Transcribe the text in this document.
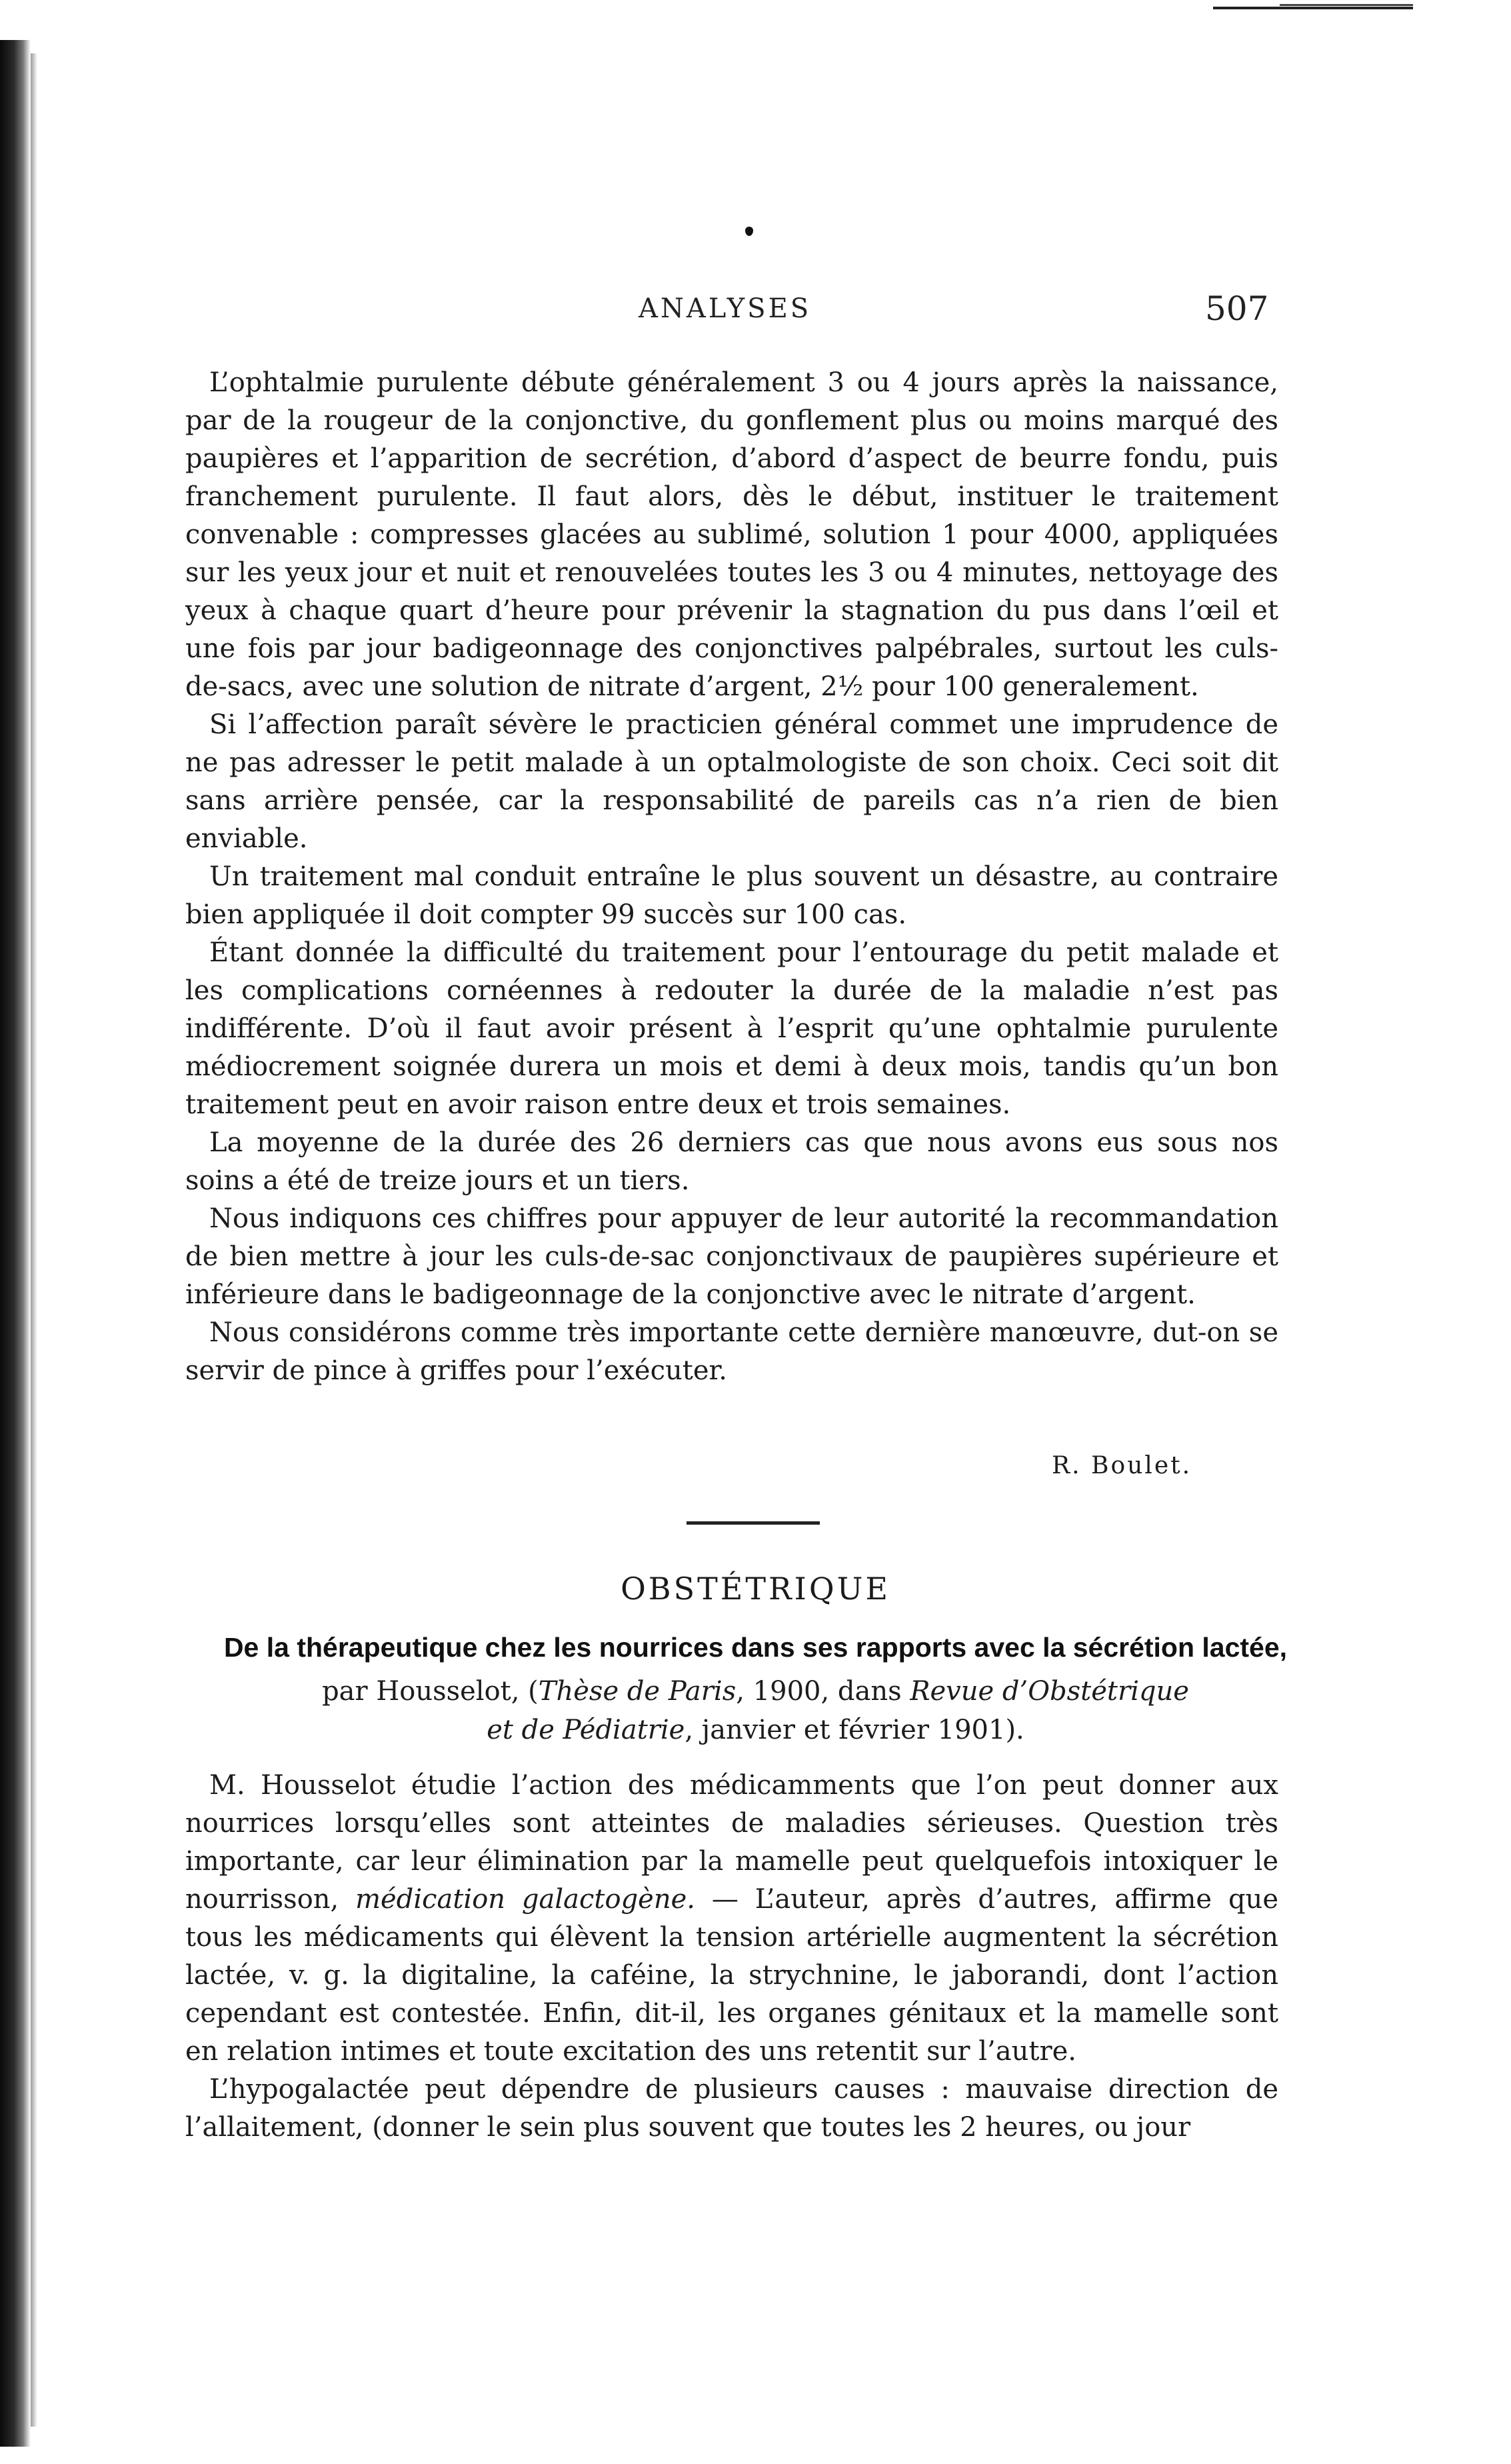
ANALYSES	507

L’ophtalmie purulente débute généralement 3 ou 4 jours après la naissance, par de la rougeur de la conjonctive, du gonflement plus ou moins marqué des paupières et l’apparition de secrétion, d’abord d’aspect de beurre fondu, puis franchement purulente. Il faut alors, dès le début, instituer le traitement convenable : compresses glacées au sublimé, solution 1 pour 4000, appliquées sur les yeux jour et nuit et renouvelées toutes les 3 ou 4 minutes, nettoyage des yeux à chaque quart d’heure pour prévenir la stagnation du pus dans l’œil et une fois par jour badigeonnage des conjonctives palpébrales, surtout les culs- de-sacs, avec une solution de nitrate d’argent, 2½ pour 100 generalement.

Si l’affection paraît sévère le practicien général commet une imprudence de ne pas adresser le petit malade à un optalmologiste de son choix. Ceci soit dit sans arrière pensée, car la responsabilité de pareils cas n’a rien de bien enviable.

Un traitement mal conduit entraîne le plus souvent un désastre, au contraire bien appliquée il doit compter 99 succès sur 100 cas.

Étant donnée la difficulté du traitement pour l’entourage du petit malade et les complications cornéennes à redouter la durée de la maladie n’est pas indifférente. D’où il faut avoir présent à l’esprit qu’une ophtalmie purulente médiocrement soignée durera un mois et demi à deux mois, tandis qu’un bon traitement peut en avoir raison entre deux et trois semaines.

La moyenne de la durée des 26 derniers cas que nous avons eus sous nos soins a été de treize jours et un tiers.

Nous indiquons ces chiffres pour appuyer de leur autorité la recommandation de bien mettre à jour les culs-de-sac conjonctivaux de paupières supérieure et inférieure dans le badigeonnage de la conjonctive avec le nitrate d’argent.

Nous considérons comme très importante cette dernière manœuvre, dut-on se servir de pince à griffes pour l’exécuter.

R. Boulet.
OBSTÉTRIQUE
De la thérapeutique chez les nourrices dans ses rapports avec la sécrétion lactée,
par Housselot, (Thèse de Paris, 1900, dans Revue d’Obstétrique
et de Pédiatrie, janvier et février 1901).

M. Housselot étudie l’action des médicamments que l’on peut donner aux nourrices lorsqu’elles sont atteintes de maladies sérieuses. Question très importante, car leur élimination par la mamelle peut quelquefois intoxiquer le nourrisson, médication galactogène. — L’auteur, après d’autres, affirme que tous les médicaments qui élèvent la tension artérielle augmentent la sécrétion lactée, v. g. la digitaline, la caféine, la strychnine, le jaborandi, dont l’action cependant est contestée. Enfin, dit-il, les organes génitaux et la mamelle sont en relation intimes et toute excitation des uns retentit sur l’autre.

L’hypogalactée peut dépendre de plusieurs causes : mauvaise direction de l’allaitement, (donner le sein plus souvent que toutes les 2 heures, ou jour
